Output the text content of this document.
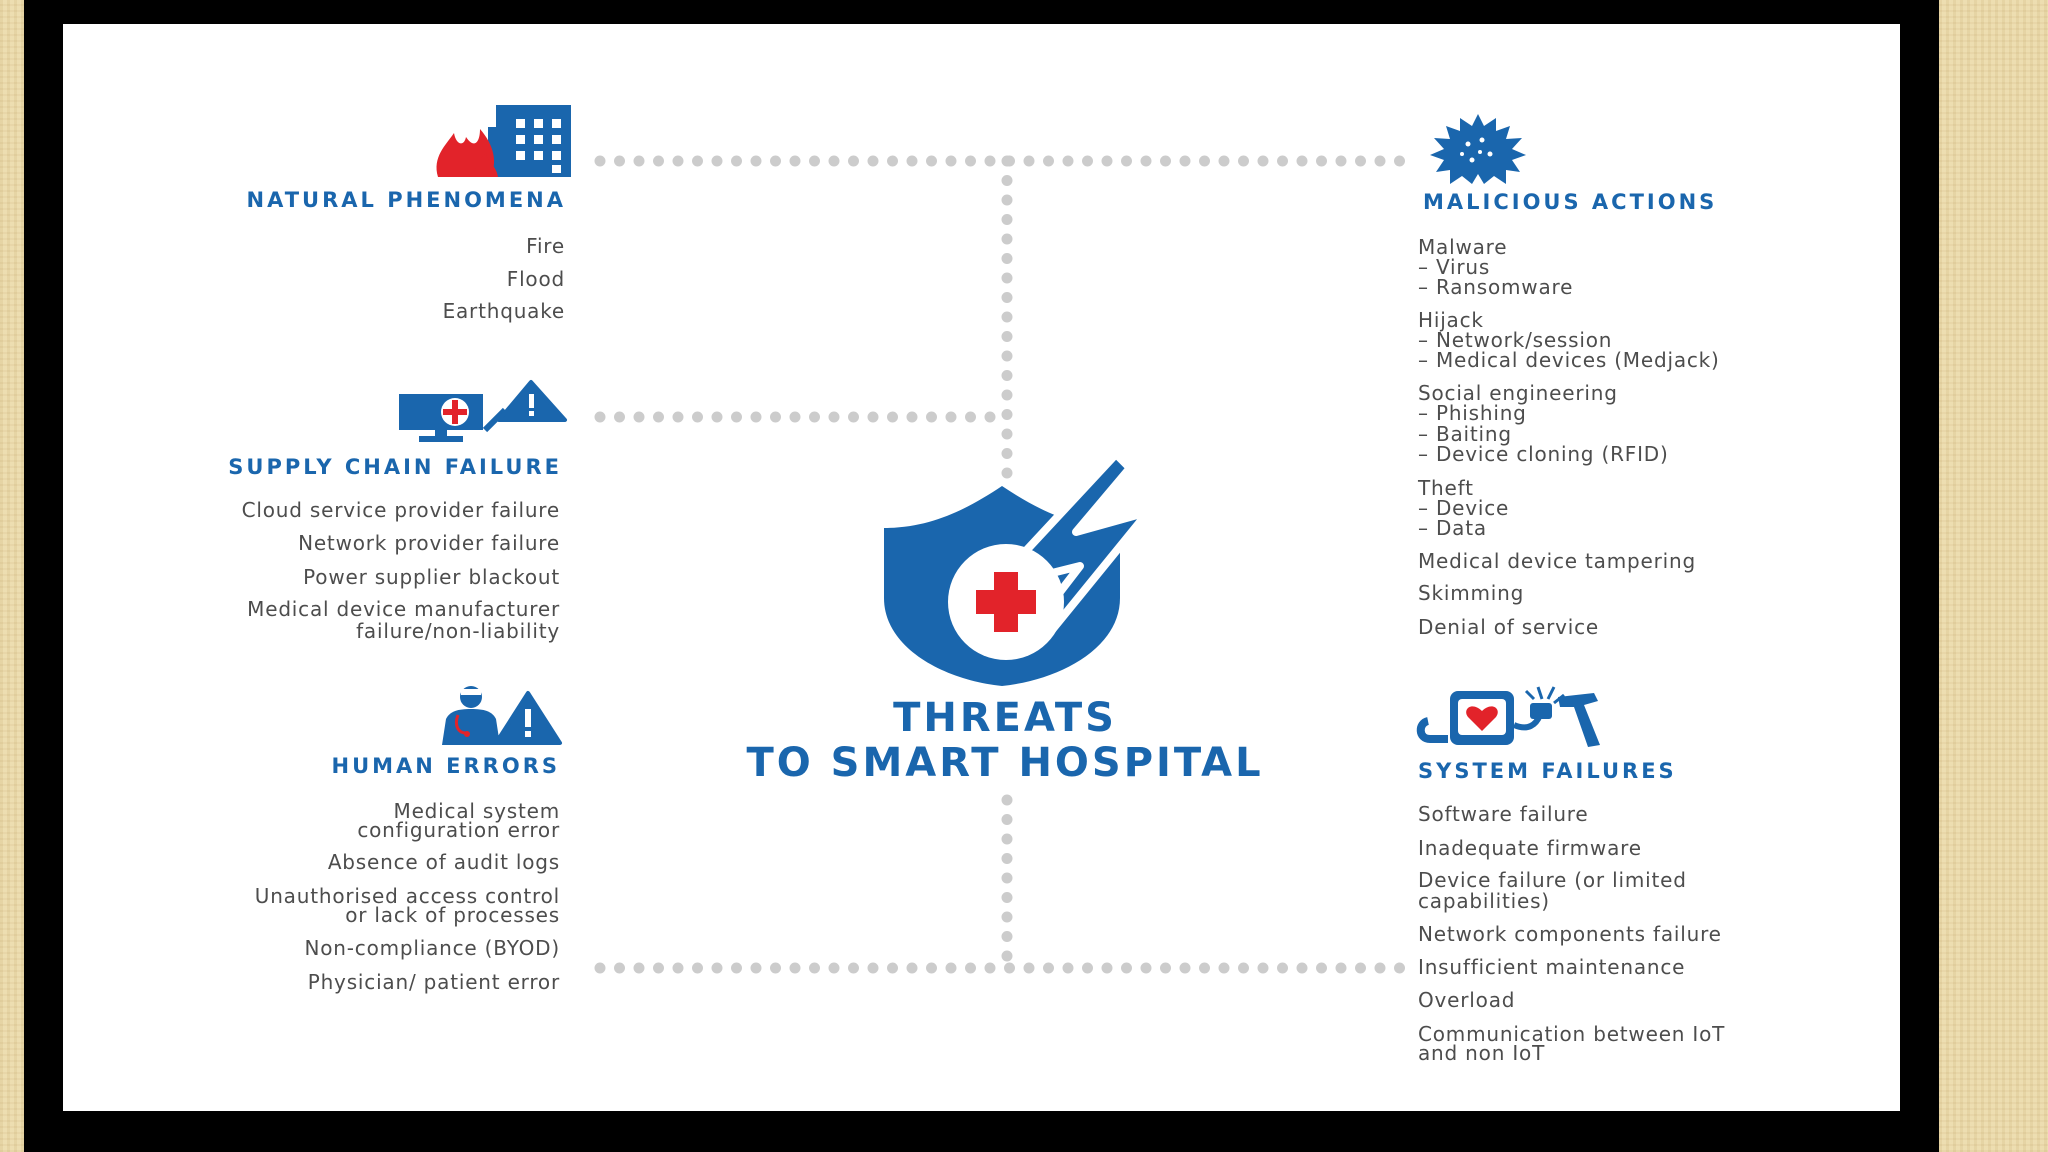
NATURAL PHENOMENA
Fire
Flood
Earthquake
SUPPLY CHAIN FAILURE
Cloud service provider failure
Network provider failure
Power supplier blackout
Medical device manufacturer
failure/non-liability
HUMAN ERRORS
Medical system
configuration error
Absence of audit logs
Unauthorised access control
or lack of processes
Non-compliance (BYOD)
Physician/ patient error
MALICIOUS ACTIONS
Malware
– Virus
– Ransomware
Hijack
– Network/session
– Medical devices (Medjack)
Social engineering
– Phishing
– Baiting
– Device cloning (RFID)
Theft
– Device
– Data
Medical device tampering
Skimming
Denial of service
SYSTEM FAILURES
Software failure
Inadequate firmware
Device failure (or limited
capabilities)
Network components failure
Insufficient maintenance
Overload
Communication between IoT
and non IoT
THREATS
TO SMART HOSPITAL
